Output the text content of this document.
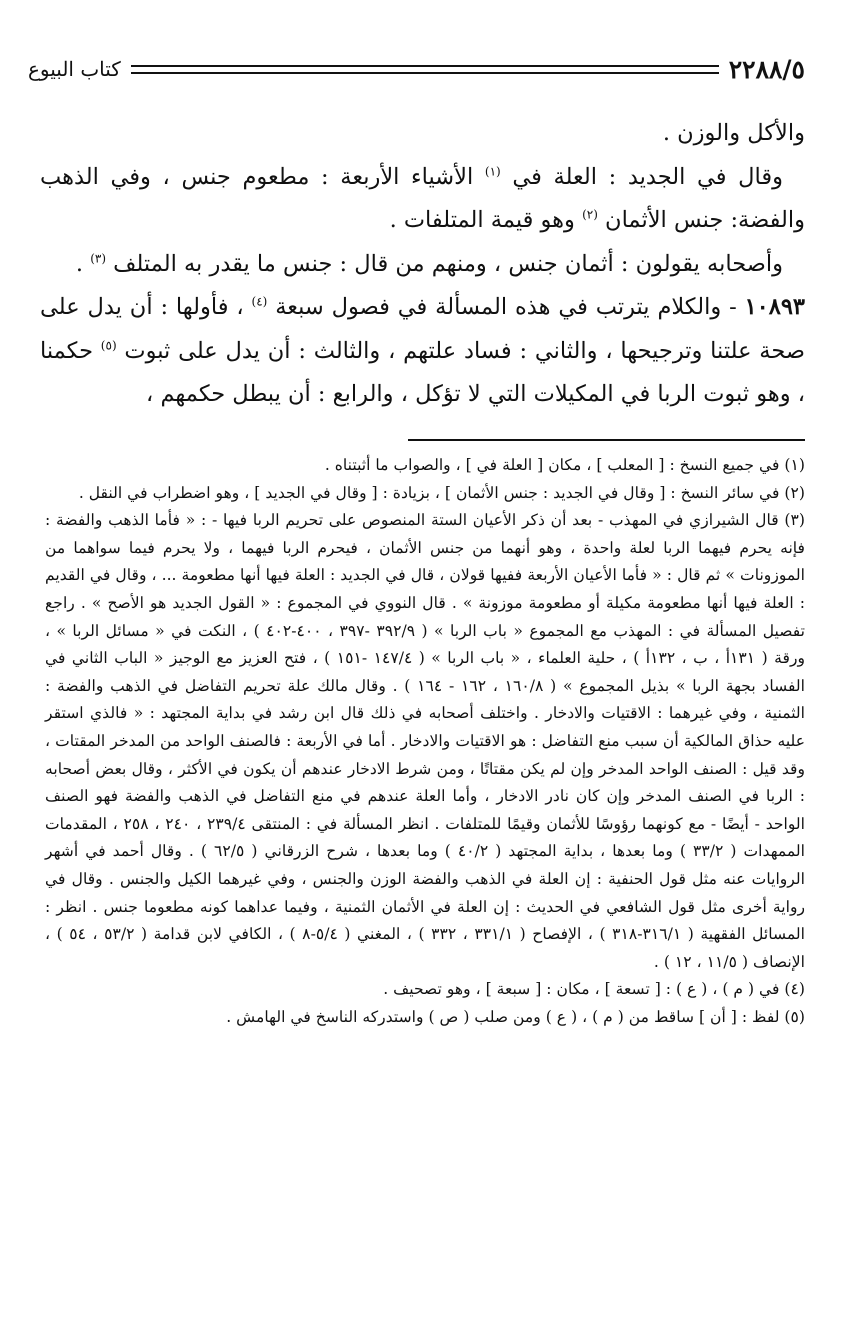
٢٢٨٨/٥
كتاب البيوع

والأكل والوزن .

وقال في الجديد : العلة في $^{(١)}$ الأشياء الأربعة : مطعوم جنس ، وفي الذهب والفضة: جنس الأثمان $^{(٢)}$ وهو قيمة المتلفات .

وأصحابه يقولون : أثمان جنس ، ومنهم من قال : جنس ما يقدر به المتلف $^{(٣)}$ .

١٠٨٩٣ - والكلام يترتب في هذه المسألة في فصول سبعة $^{(٤)}$ ، فأولها : أن يدل على صحة علتنا وترجيحها ، والثاني : فساد علتهم ، والثالث : أن يدل على ثبوت $^{(٥)}$ حكمنا ، وهو ثبوت الربا في المكيلات التي لا تؤكل ، والرابع : أن يبطل حكمهم ،

(١) في جميع النسخ : [ المعلب ] ، مكان [ العلة في ] ، والصواب ما أثبتناه .

(٢) في سائر النسخ : [ وقال في الجديد : جنس الأثمان ] ، بزيادة : [ وقال في الجديد ] ، وهو اضطراب في النقل .

(٣) قال الشيرازي في المهذب - بعد أن ذكر الأعيان الستة المنصوص على تحريم الربا فيها - : « فأما الذهب والفضة : فإنه يحرم فيهما الربا لعلة واحدة ، وهو أنهما من جنس الأثمان ، فيحرم الربا فيهما ، ولا يحرم فيما سواهما من الموزونات » ثم قال : « فأما الأعيان الأربعة ففيها قولان ، قال في الجديد : العلة فيها أنها مطعومة ... ، وقال في القديم : العلة فيها أنها مطعومة مكيلة أو مطعومة موزونة » . قال النووي في المجموع : « القول الجديد هو الأصح » . راجع تفصيل المسألة في : المهذب مع المجموع « باب الربا » ( ٣٩٢/٩ -٣٩٧ ، ٤٠٠-٤٠٢ ) ، النكت في « مسائل الربا » ، ورقة ( ١٣١أ ، ب ، ١٣٢أ ) ، حلية العلماء ، « باب الربا » ( ١٤٧/٤ -١٥١ ) ، فتح العزيز مع الوجيز « الباب الثاني في الفساد بجهة الربا » بذيل المجموع » ( ١٦٠/٨ ، ١٦٢ - ١٦٤ ) . وقال مالك علة تحريم التفاضل في الذهب والفضة : الثمنية ، وفي غيرهما : الاقتيات والادخار . واختلف أصحابه في ذلك قال ابن رشد في بداية المجتهد : « فالذي استقر عليه حذاق المالكية أن سبب منع التفاضل : هو الاقتيات والادخار . أما في الأربعة : فالصنف الواحد من المدخر المقتات ، وقد قيل : الصنف الواحد المدخر وإن لم يكن مقتاتًا ، ومن شرط الادخار عندهم أن يكون في الأكثر ، وقال بعض أصحابه : الربا في الصنف المدخر وإن كان نادر الادخار ، وأما العلة عندهم في منع التفاضل في الذهب والفضة فهو الصنف الواحد - أيضًا - مع كونهما رؤوسًا للأثمان وقيمًا للمتلفات . انظر المسألة في : المنتقى ٢٣٩/٤ ، ٢٤٠ ، ٢٥٨ ، المقدمات الممهدات ( ٣٣/٢ ) وما بعدها ، بداية المجتهد ( ٤٠/٢ ) وما بعدها ، شرح الزرقاني ( ٦٢/٥ ) . وقال أحمد في أشهر الروايات عنه مثل قول الحنفية : إن العلة في الذهب والفضة الوزن والجنس ، وفي غيرهما الكيل والجنس . وقال في رواية أخرى مثل قول الشافعي في الحديث : إن العلة في الأثمان الثمنية ، وفيما عداهما كونه مطعوما جنس . انظر : المسائل الفقهية ( ٣١٦/١-٣١٨ ) ، الإفصاح ( ٣٣١/١ ، ٣٣٢ ) ، المغني ( ٥/٤-٨ ) ، الكافي لابن قدامة ( ٥٣/٢ ، ٥٤ ) ، الإنصاف ( ١١/٥ ، ١٢ ) .

(٤) في ( م ) ، ( ع ) : [ تسعة ] ، مكان : [ سبعة ] ، وهو تصحيف .

(٥) لفظ : [ أن ] ساقط من ( م ) ، ( ع ) ومن صلب ( ص ) واستدركه الناسخ في الهامش .
